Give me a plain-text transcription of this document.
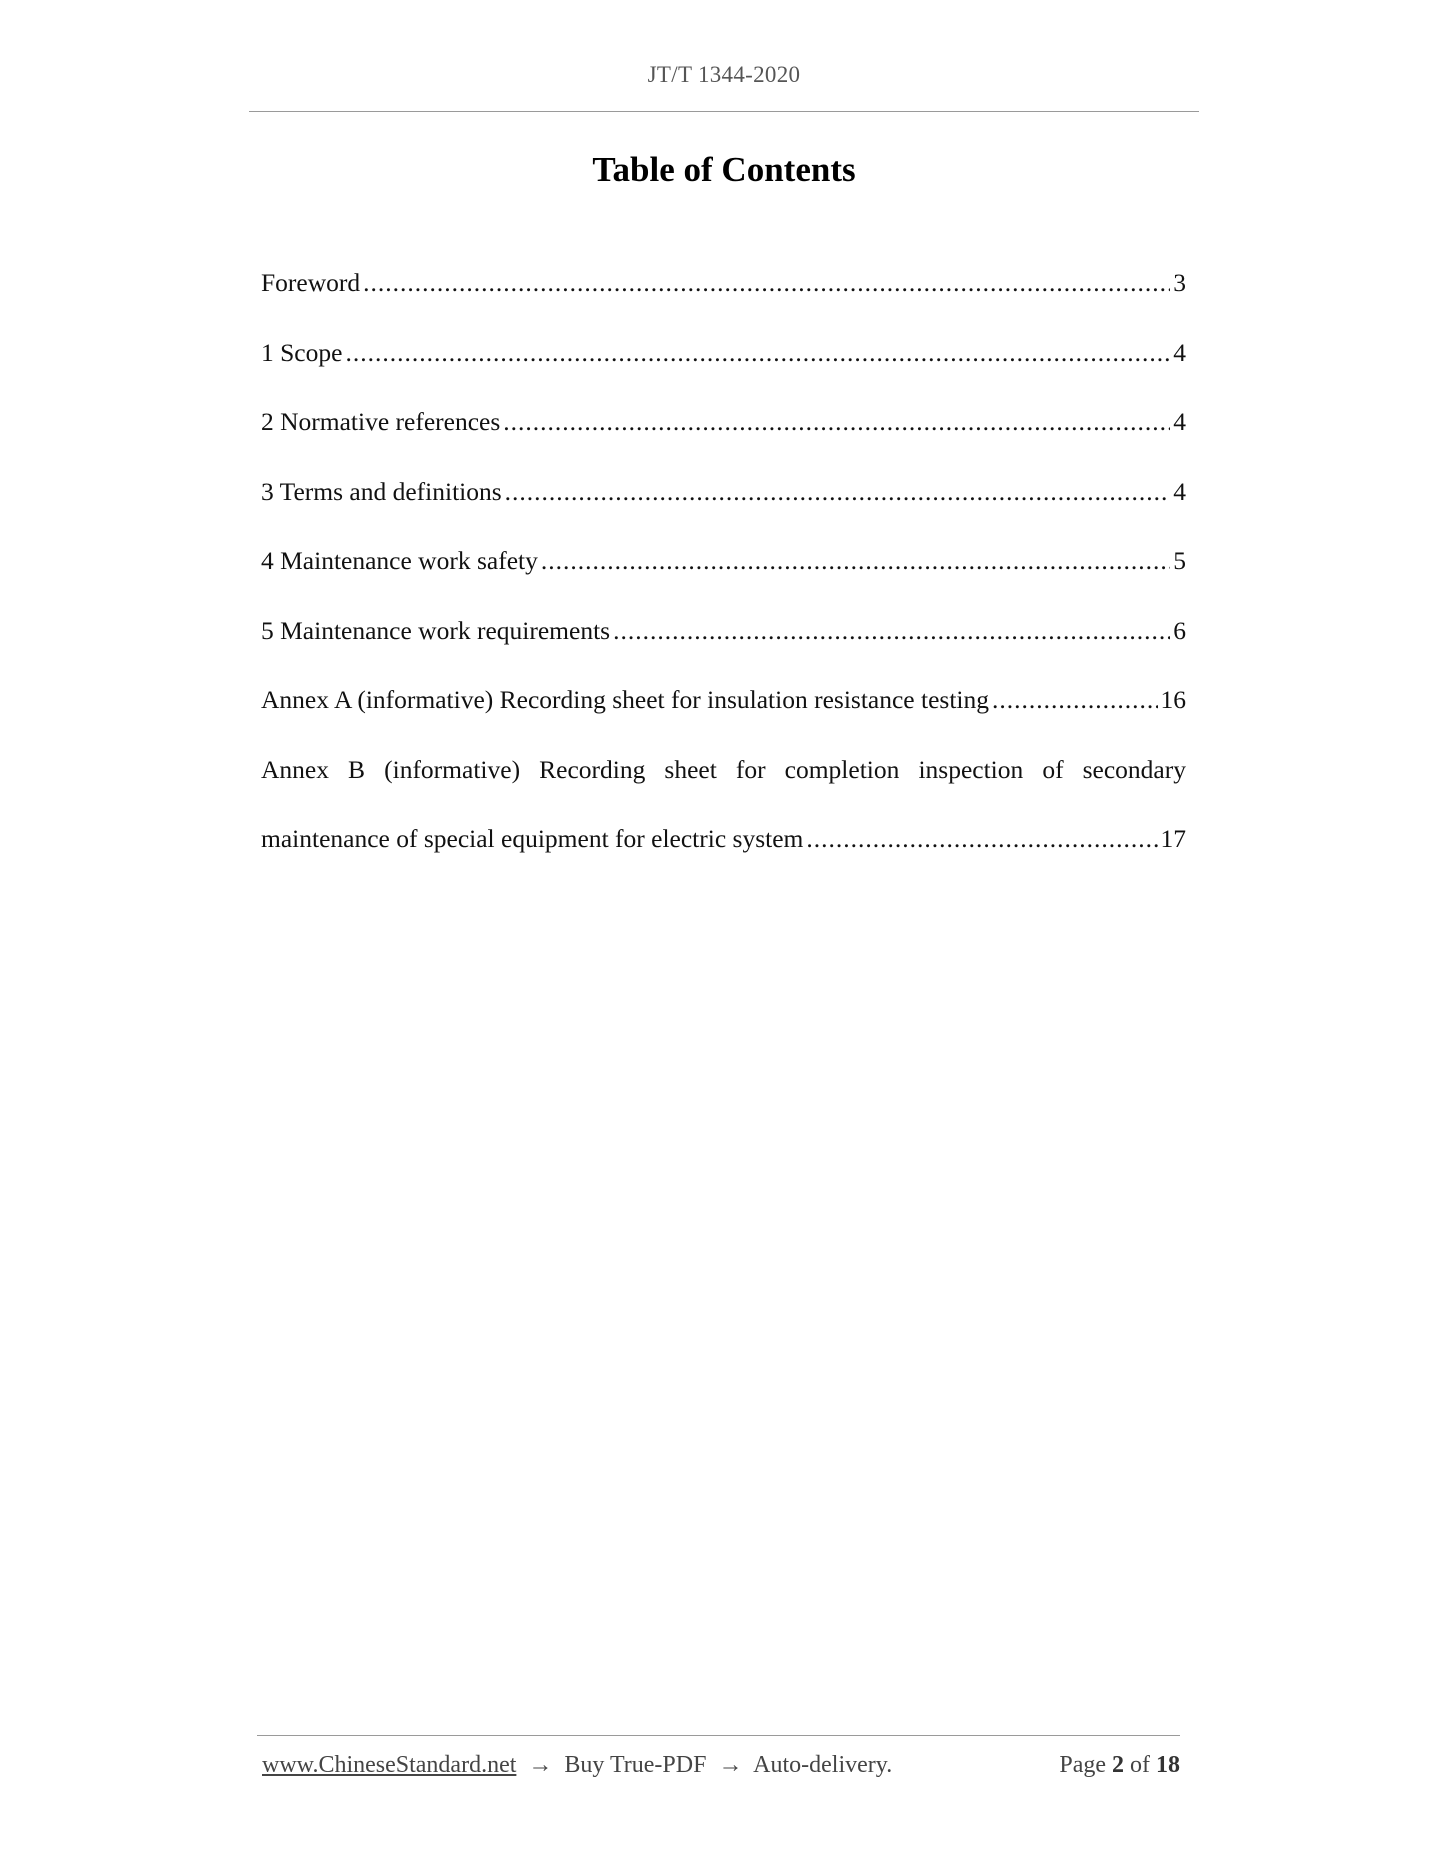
JT/T 1344-2020
Table of Contents
Foreword .....	3
1 Scope .....	4
2 Normative references .....	4
3 Terms and definitions .....	4
4 Maintenance work safety .....	5
5 Maintenance work requirements .....	6
Annex A (informative) Recording sheet for insulation resistance testing .....	16
Annex B (informative) Recording sheet for completion inspection of secondary
maintenance of special equipment for electric system .....	17
www.ChineseStandard.net → Buy True-PDF → Auto-delivery.	Page 2 of 18
